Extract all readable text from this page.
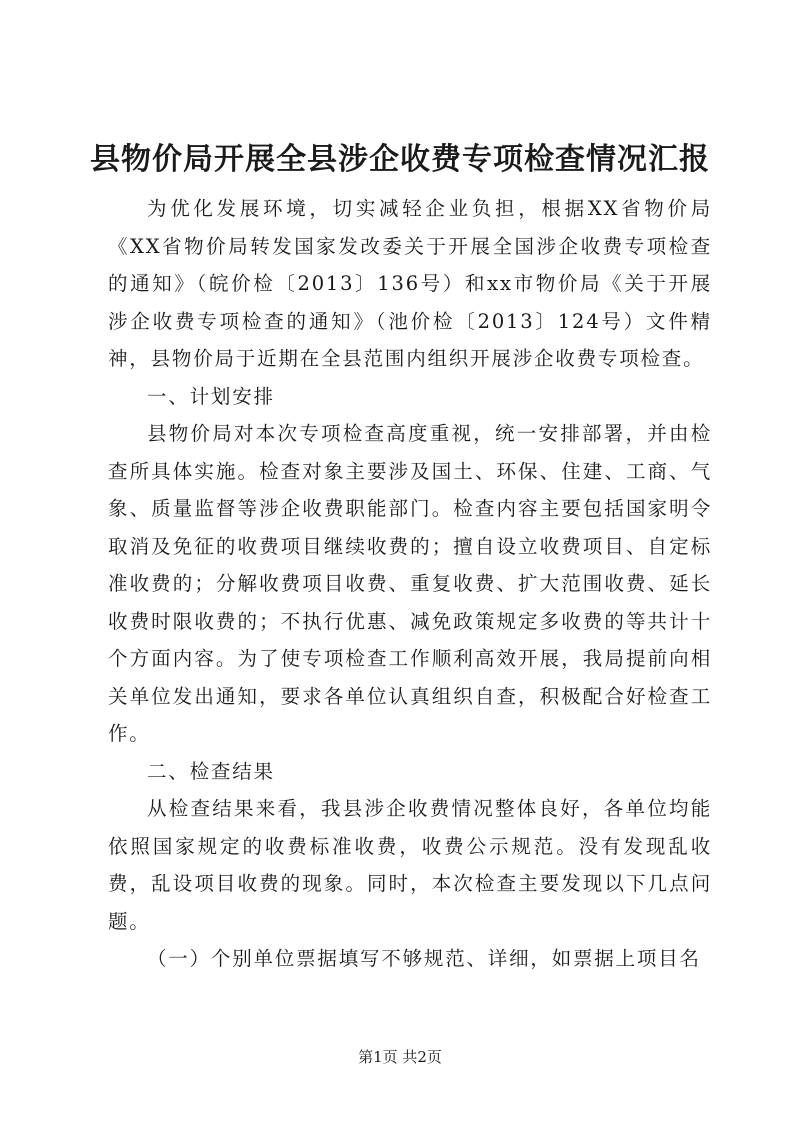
县物价局开展全县涉企收费专项检查情况汇报

为优化发展环境，切实减轻企业负担，根据XX省物价局《XX省物价局转发国家发改委关于开展全国涉企收费专项检查的通知》（皖价检〔2013〕136号）和xx市物价局《关于开展涉企收费专项检查的通知》（池价检〔2013〕124号）文件精神，县物价局于近期在全县范围内组织开展涉企收费专项检查。

一、计划安排

县物价局对本次专项检查高度重视，统一安排部署，并由检查所具体实施。检查对象主要涉及国土、环保、住建、工商、气象、质量监督等涉企收费职能部门。检查内容主要包括国家明令取消及免征的收费项目继续收费的；擅自设立收费项目、自定标准收费的；分解收费项目收费、重复收费、扩大范围收费、延长收费时限收费的；不执行优惠、减免政策规定多收费的等共计十个方面内容。为了使专项检查工作顺利高效开展，我局提前向相关单位发出通知，要求各单位认真组织自查，积极配合好检查工作。

二、检查结果

从检查结果来看，我县涉企收费情况整体良好，各单位均能依照国家规定的收费标准收费，收费公示规范。没有发现乱收费，乱设项目收费的现象。同时，本次检查主要发现以下几点问题。

（一）个别单位票据填写不够规范、详细，如票据上项目名

第1页 共2页
